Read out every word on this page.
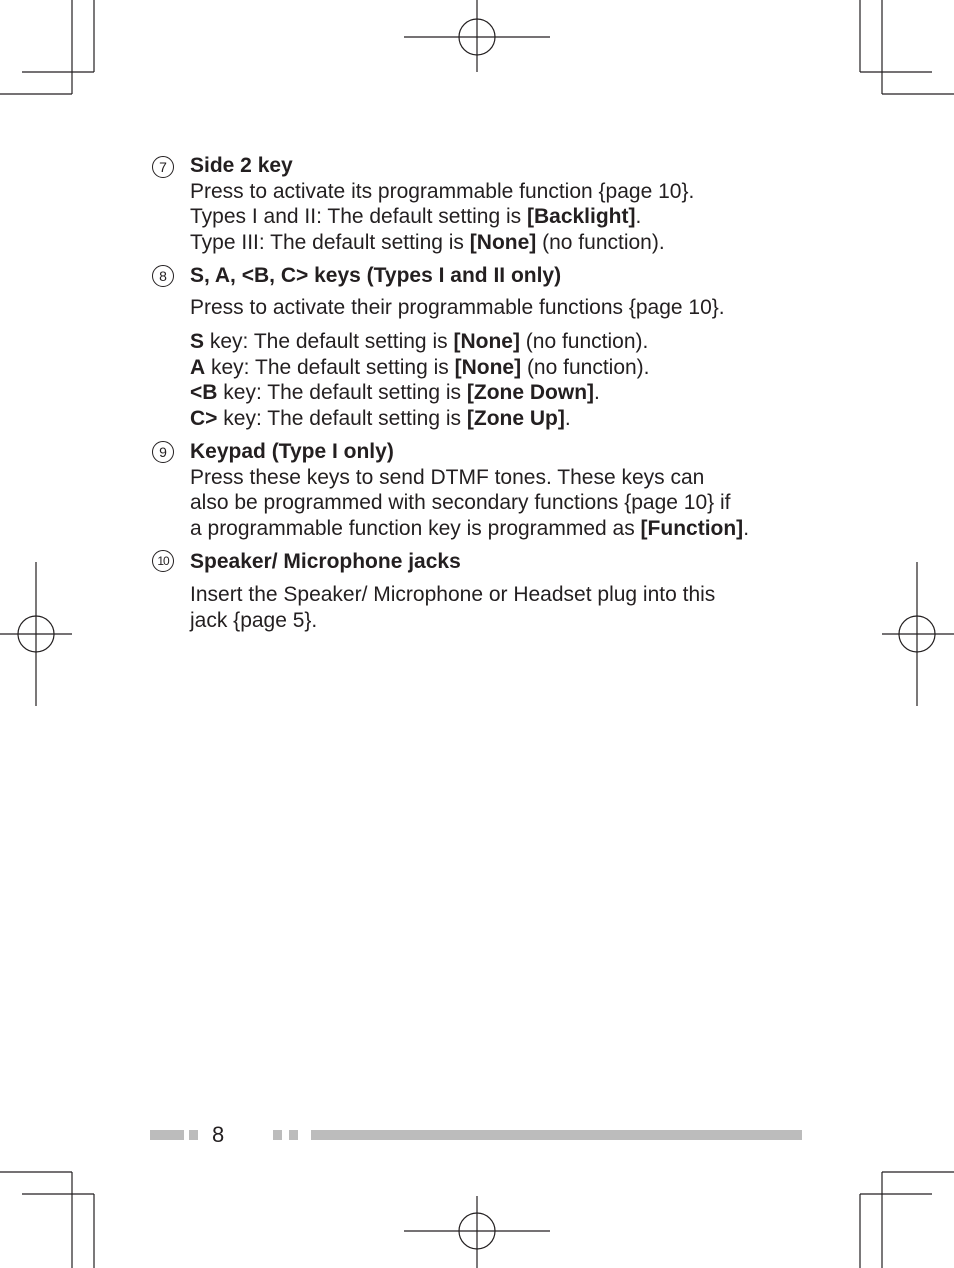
7	Side 2 key
Press to activate its programmable function {page 10}.
Types I and II: The default setting is [Backlight].
Type III: The default setting is [None] (no function).
8	S, A, <B, C> keys (Types I and II only)
Press to activate their programmable functions {page 10}.
S key: The default setting is [None] (no function).
A key: The default setting is [None] (no function).
<B key: The default setting is [Zone Down].
C> key: The default setting is [Zone Up].
9	Keypad (Type I only)
Press these keys to send DTMF tones. These keys can
also be programmed with secondary functions {page 10} if
a programmable function key is programmed as [Function].
10 Speaker/ Microphone jacks
Insert the Speaker/ Microphone or Headset plug into this
jack {page 5}.
8
